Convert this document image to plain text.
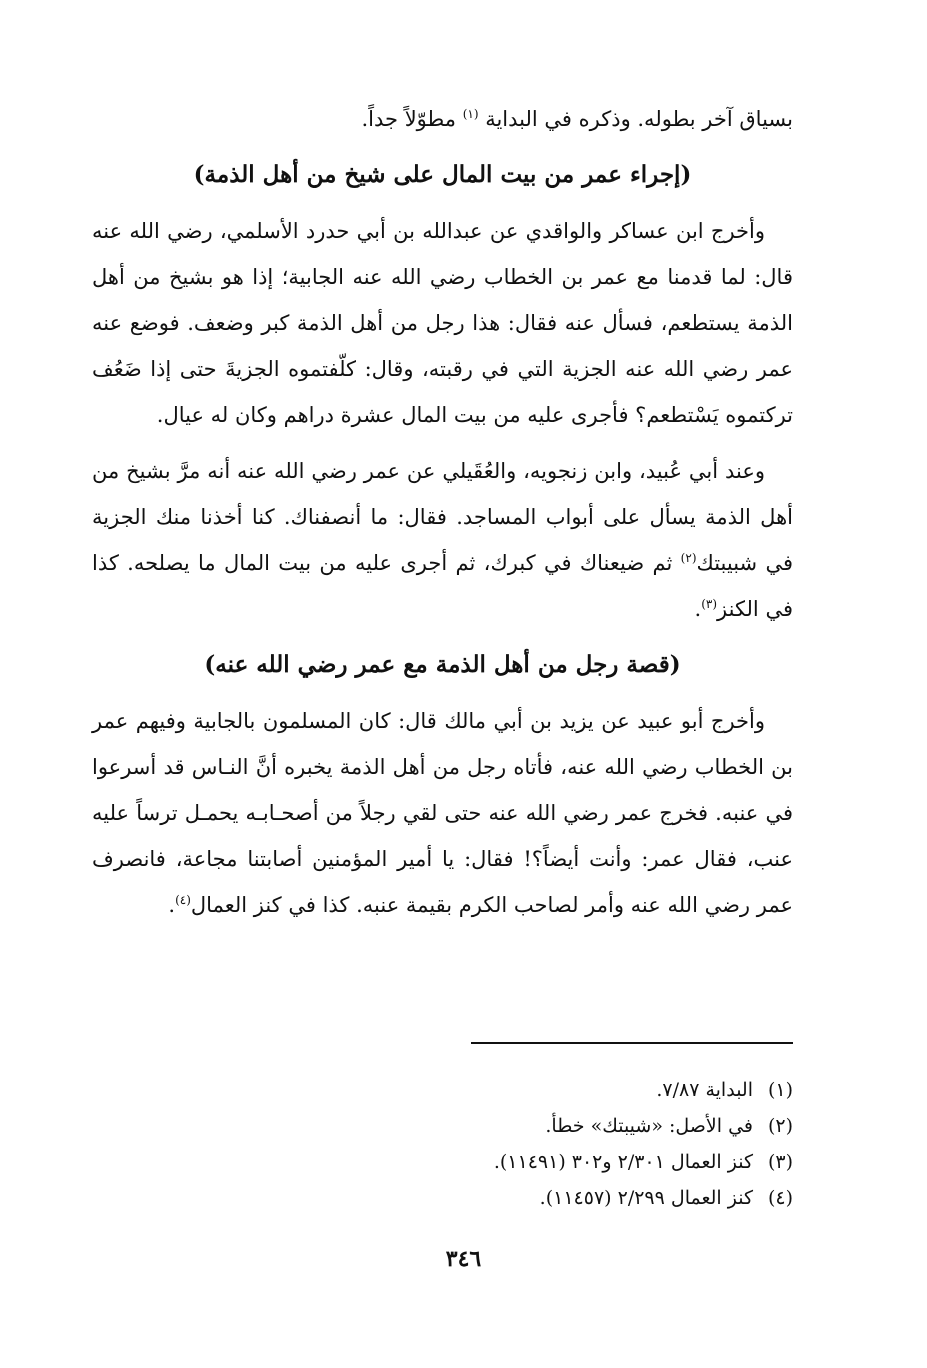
بسياق آخر بطوله. وذكره في البداية $^{(١)}$ مطوّلاً جداً.

(إجراء عمر من بيت المال على شيخ من أهل الذمة)

وأخرج ابن عساكر والواقدي عن عبدالله بن أبي حدرد الأسلمي، رضي الله عنه قال: لما قدمنا مع عمر بن الخطاب رضي الله عنه الجابية؛ إذا هو بشيخ من أهل الذمة يستطعم، فسأل عنه فقال: هذا رجل من أهل الذمة كبر وضعف. فوضع عنه عمر رضي الله عنه الجزية التي في رقبته، وقال: كلّفتموه الجزيةَ حتى إذا ضَعُف تركتموه يَسْتطعم؟ فأجرى عليه من بيت المال عشرة دراهم وكان له عيال.

وعند أبي عُبيد، وابن زنجويه، والعُقَيلي عن عمر رضي الله عنه أنه مرَّ بشيخ من أهل الذمة يسأل على أبواب المساجد. فقال: ما أنصفناك. كنا أخذنا منك الجزية في شبيبتك$^{(٢)}$ ثم ضيعناك في كبرك، ثم أجرى عليه من بيت المال ما يصلحه. كذا في الكنز$^{(٣)}$.

(قصة رجل من أهل الذمة مع عمر رضي الله عنه)

وأخرج أبو عبيد عن يزيد بن أبي مالك قال: كان المسلمون بالجابية وفيهم عمر بن الخطاب رضي الله عنه، فأتاه رجل من أهل الذمة يخبره أنَّ النـاس قد أسرعوا في عنبه. فخرج عمر رضي الله عنه حتى لقي رجلاً من أصحـابـه يحمـل ترساً عليه عنب، فقال عمر: وأنت أيضاً؟! فقال: يا أمير المؤمنين أصابتنا مجاعة، فانصرف عمر رضي الله عنه وأمر لصاحب الكرم بقيمة عنبه. كذا في كنز العمال$^{(٤)}$.

(١)
البداية ٧/٨٧.
(٢)
في الأصل: «شيبتك» خطأ.
(٣)
كنز العمال ٢/٣٠١ و٣٠٢ (١١٤٩١).
(٤)
كنز العمال ٢/٢٩٩ (١١٤٥٧).
٣٤٦
